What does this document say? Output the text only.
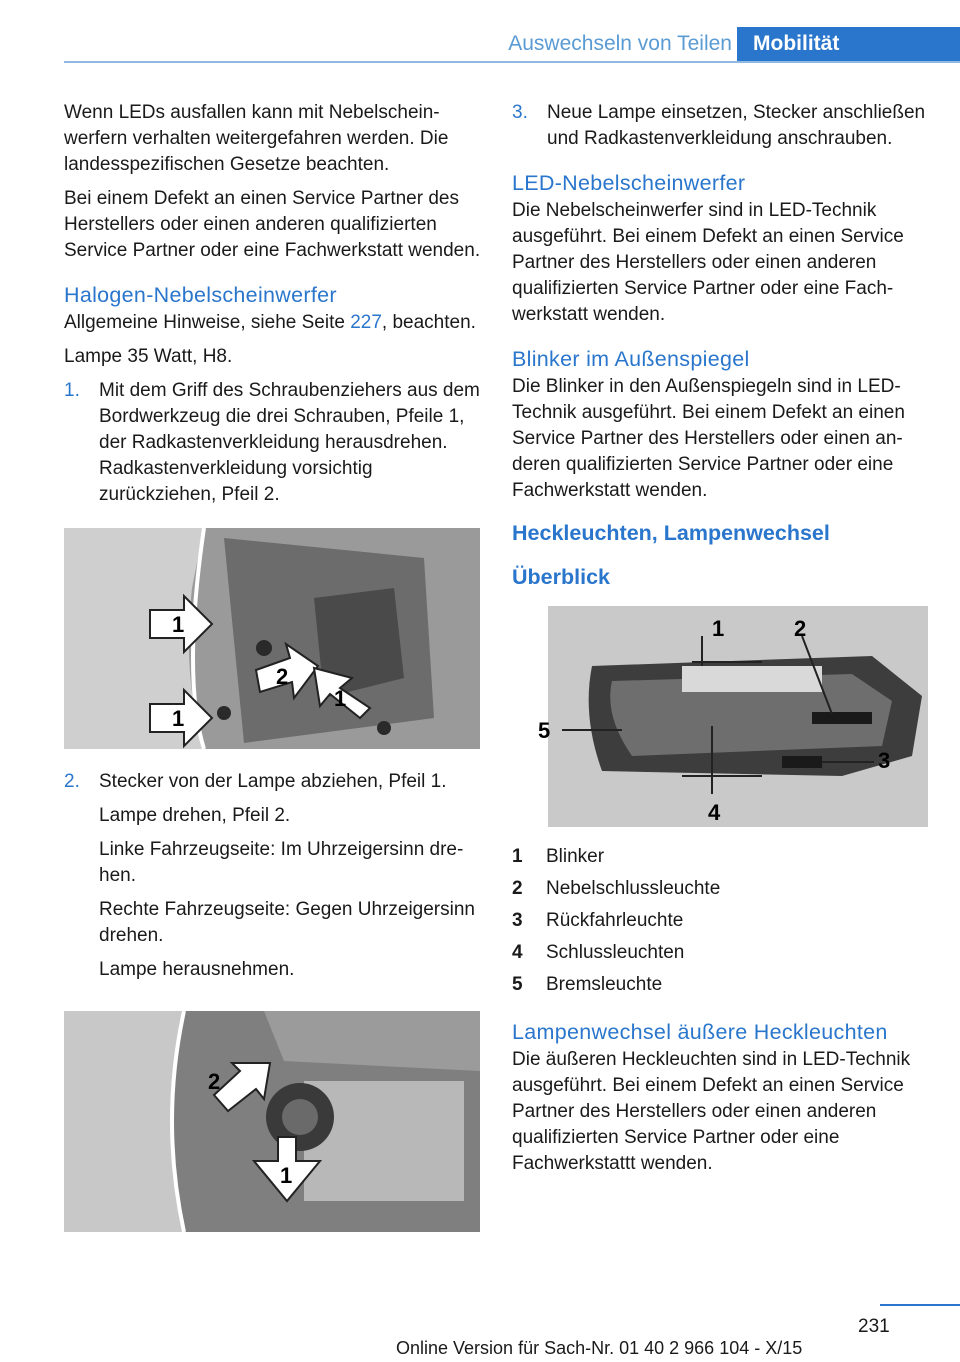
Auswechseln von Teilen	Mobilität

Wenn LEDs ausfallen kann mit Nebelscheinwerfern verhalten weitergefahren werden. Die landesspezifischen Gesetze beachten.

Bei einem Defekt an einen Service Partner des Herstellers oder einen anderen qualifizierten Service Partner oder eine Fachwerkstatt wenden.

Halogen-Nebelscheinwerfer

Allgemeine Hinweise, siehe Seite 227, beachten.

Lampe 35 Watt, H8.

1.	Mit dem Griff des Schraubenziehers aus dem Bordwerkzeug die drei Schrauben, Pfeile 1, der Radkastenverkleidung herausdrehen. Radkastenverkleidung vorsichtig zurückziehen, Pfeil 2.
1
2
1
1
2.	Stecker von der Lampe abziehen, Pfeil 1.

Lampe drehen, Pfeil 2.

Linke Fahrzeugseite: Im Uhrzeigersinn drehen.

Rechte Fahrzeugseite: Gegen Uhrzeigersinn drehen.

Lampe herausnehmen.

2
1
3.	Neue Lampe einsetzen, Stecker anschließen und Radkastenverkleidung anschrauben.
LED-Nebelscheinwerfer

Die Nebelscheinwerfer sind in LED-Technik ausgeführt. Bei einem Defekt an einen Service Partner des Herstellers oder einen anderen qualifizierten Service Partner oder eine Fachwerkstatt wenden.

Blinker im Außenspiegel

Die Blinker in den Außenspiegeln sind in LED-Technik ausgeführt. Bei einem Defekt an einen Service Partner des Herstellers oder einen anderen qualifizierten Service Partner oder eine Fachwerkstatt wenden.

Heckleuchten, Lampenwechsel
Überblick
1	2
3
4
5
1	Blinker
2	Nebelschlussleuchte
3	Rückfahrleuchte
4	Schlussleuchten
5	Bremsleuchte
Lampenwechsel äußere Heckleuchten

Die äußeren Heckleuchten sind in LED-Technik ausgeführt. Bei einem Defekt an einen Service Partner des Herstellers oder einen anderen qualifizierten Service Partner oder eine Fachwerkstattt wenden.

231
Online Version für Sach-Nr. 01 40 2 966 104 - X/15
